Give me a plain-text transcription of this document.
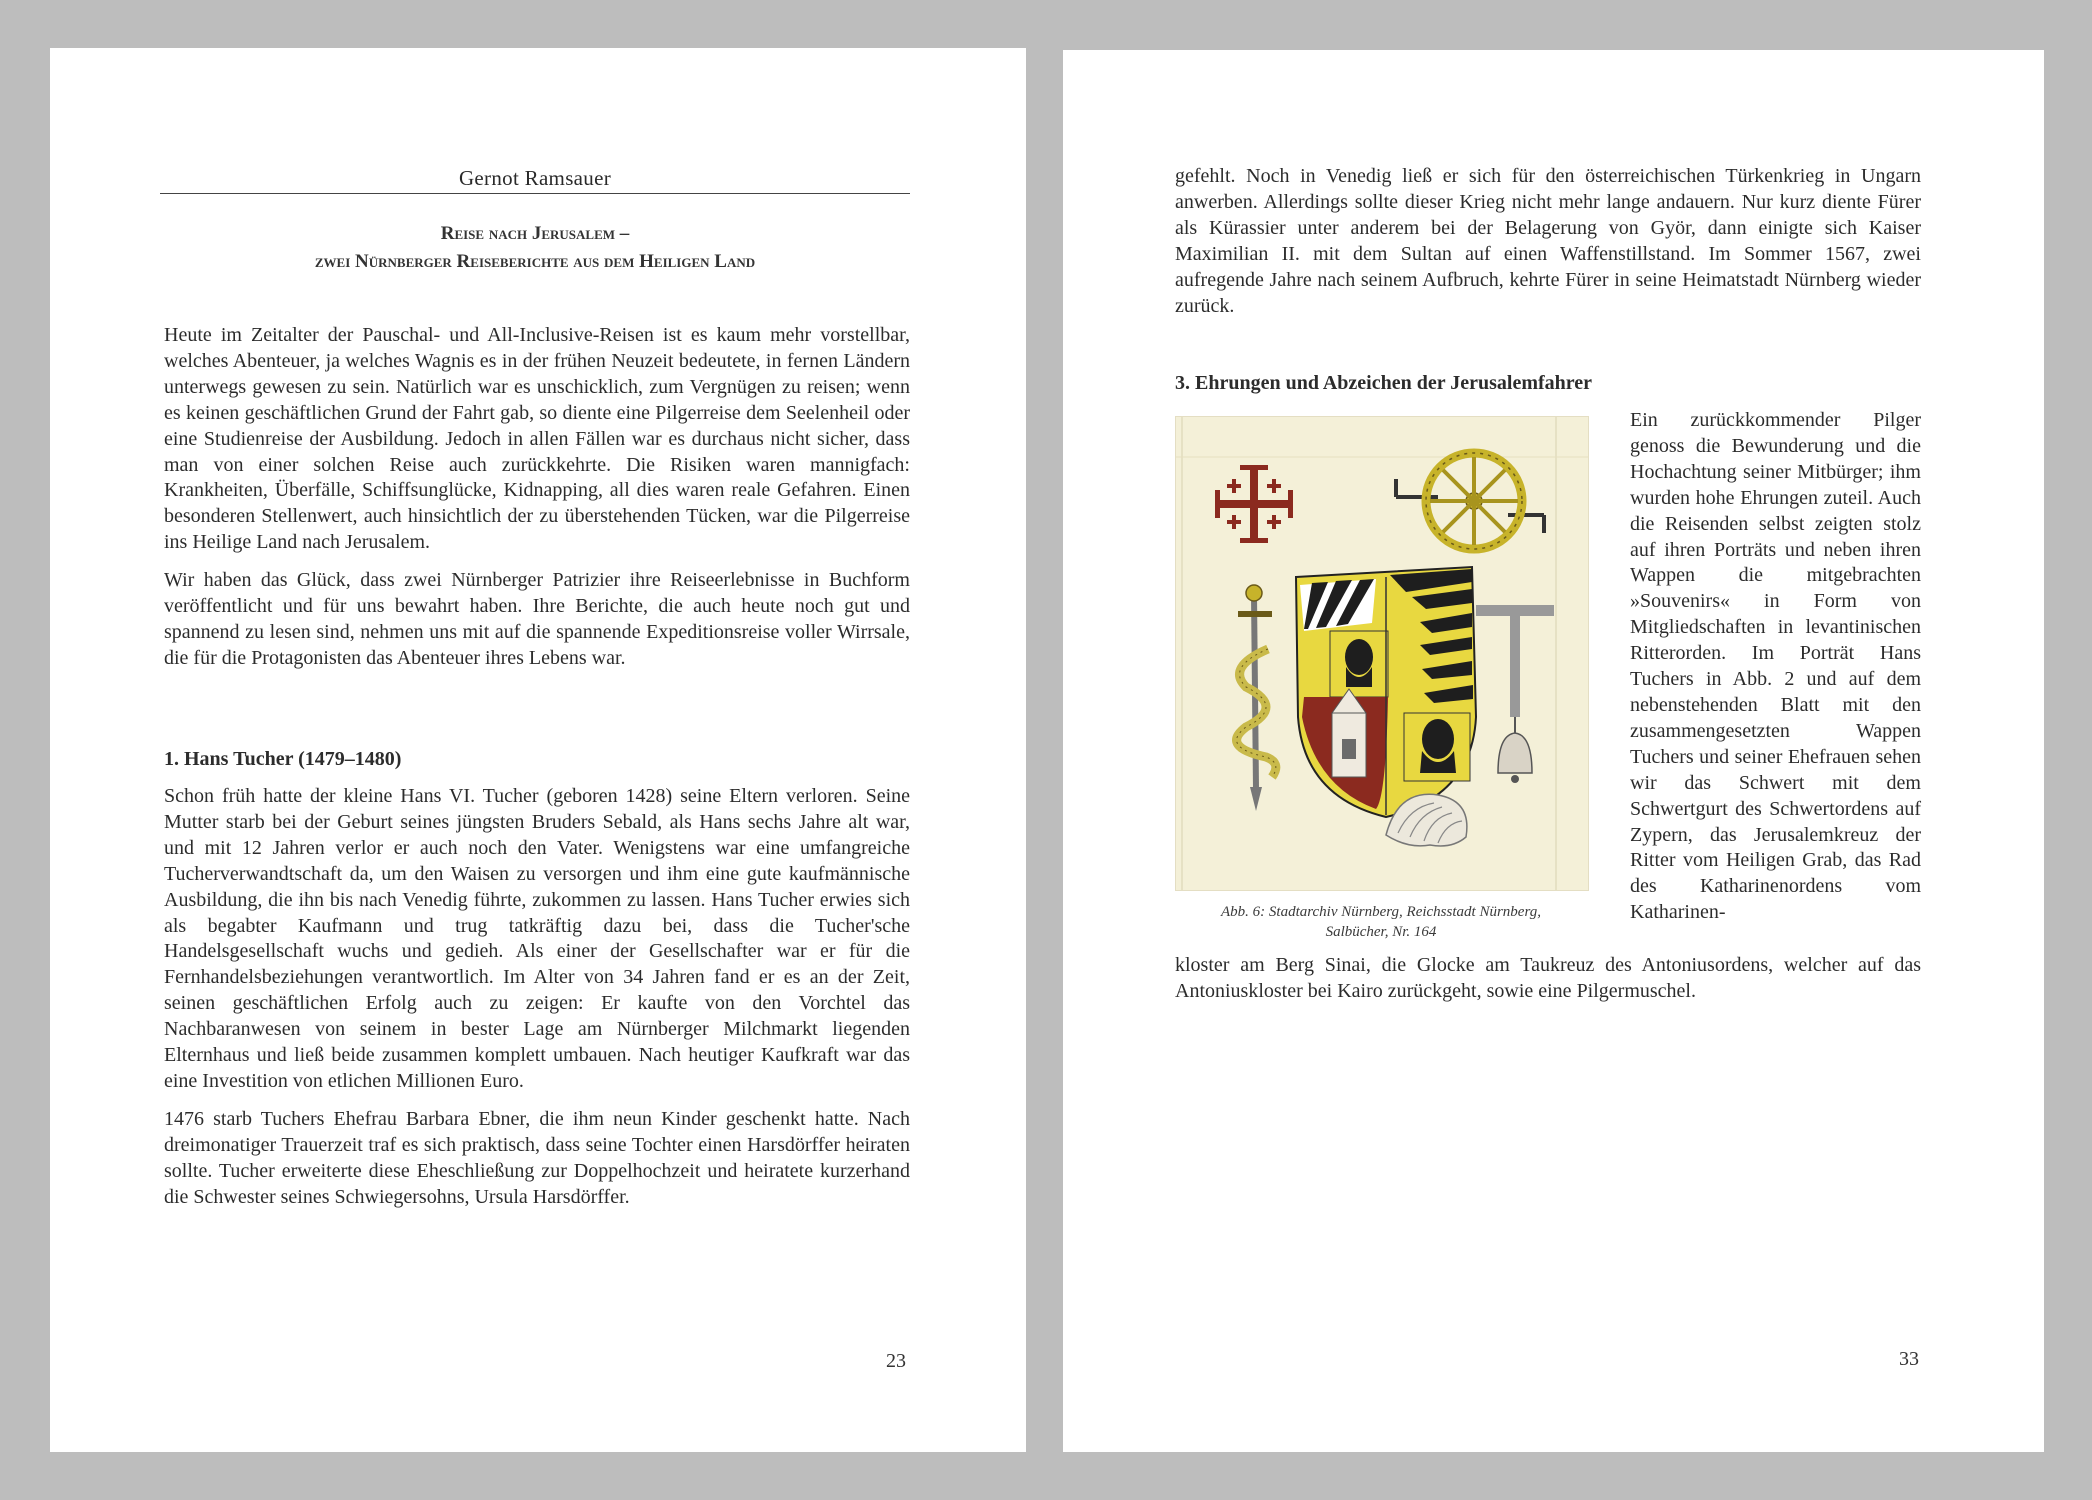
Gernot Ramsauer
Reise nach Jerusalem –
zwei Nürnberger Reiseberichte aus dem Heiligen Land

Heute im Zeitalter der Pauschal- und All-Inclusive-Reisen ist es kaum mehr vorstellbar, welches Abenteuer, ja welches Wagnis es in der frühen Neuzeit bedeutete, in fernen Ländern unterwegs gewesen zu sein. Natürlich war es unschicklich, zum Vergnügen zu reisen; wenn es keinen geschäftlichen Grund der Fahrt gab, so diente eine Pilgerreise dem Seelenheil oder eine Studienreise der Ausbildung. Jedoch in allen Fällen war es durchaus nicht sicher, dass man von einer solchen Reise auch zurückkehrte. Die Risiken waren mannigfach: Krankheiten, Überfälle, Schiffsunglücke, Kidnapping, all dies waren reale Gefahren. Einen besonderen Stellenwert, auch hinsichtlich der zu überstehenden Tücken, war die Pilgerreise ins Heilige Land nach Jerusalem.

Wir haben das Glück, dass zwei Nürnberger Patrizier ihre Reiseerlebnisse in Buchform veröffentlicht und für uns bewahrt haben. Ihre Berichte, die auch heute noch gut und spannend zu lesen sind, nehmen uns mit auf die spannende Expeditionsreise voller Wirrsale, die für die Protagonisten das Abenteuer ihres Lebens war.

1. Hans Tucher (1479–1480)

Schon früh hatte der kleine Hans VI. Tucher (geboren 1428) seine Eltern verloren. Seine Mutter starb bei der Geburt seines jüngsten Bruders Sebald, als Hans sechs Jahre alt war, und mit 12 Jahren verlor er auch noch den Vater. Wenigstens war eine umfangreiche Tucherverwandtschaft da, um den Waisen zu versorgen und ihm eine gute kaufmännische Ausbildung, die ihn bis nach Venedig führte, zukommen zu lassen. Hans Tucher erwies sich als begabter Kaufmann und trug tatkräftig dazu bei, dass die Tucher'sche Handelsgesellschaft wuchs und gedieh. Als einer der Gesellschafter war er für die Fernhandelsbeziehungen verantwortlich. Im Alter von 34 Jahren fand er es an der Zeit, seinen geschäftlichen Erfolg auch zu zeigen: Er kaufte von den Vorchtel das Nachbaranwesen von seinem in bester Lage am Nürnberger Milchmarkt liegenden Elternhaus und ließ beide zusammen komplett umbauen. Nach heutiger Kaufkraft war das eine Investition von etlichen Millionen Euro.

1476 starb Tuchers Ehefrau Barbara Ebner, die ihm neun Kinder geschenkt hatte. Nach dreimonatiger Trauerzeit traf es sich praktisch, dass seine Tochter einen Harsdörffer heiraten sollte. Tucher erweiterte diese Eheschließung zur Doppelhochzeit und heiratete kurzerhand die Schwester seines Schwiegersohns, Ursula Harsdörffer.

23

gefehlt. Noch in Venedig ließ er sich für den österreichischen Türkenkrieg in Ungarn anwerben. Allerdings sollte dieser Krieg nicht mehr lange andauern. Nur kurz diente Fürer als Kürassier unter anderem bei der Belagerung von Györ, dann einigte sich Kaiser Maximilian II. mit dem Sultan auf einen Waffenstillstand. Im Sommer 1567, zwei aufregende Jahre nach seinem Aufbruch, kehrte Fürer in seine Heimatstadt Nürnberg wieder zurück.

3. Ehrungen und Abzeichen der Jerusalemfahrer
Abb. 6: Stadtarchiv Nürnberg, Reichsstadt Nürnberg,
Salbücher, Nr. 164

Ein zurückkommender Pilger genoss die Bewunderung und die Hochachtung seiner Mitbürger; ihm wurden hohe Ehrungen zuteil. Auch die Reisenden selbst zeigten stolz auf ihren Porträts und neben ihren Wappen die mitgebrachten »Souvenirs« in Form von Mitgliedschaften in levantinischen Ritterorden. Im Porträt Hans Tuchers in Abb. 2 und auf dem nebenstehenden Blatt mit den zusammengesetzten Wappen Tuchers und seiner Ehefrauen sehen wir das Schwert mit dem Schwertgurt des Schwertordens auf Zypern, das Jerusalemkreuz der Ritter vom Heiligen Grab, das Rad des Katharinenordens vom Katharinen-

kloster am Berg Sinai, die Glocke am Taukreuz des Antoniusordens, welcher auf das Antoniuskloster bei Kairo zurückgeht, sowie eine Pilgermuschel.

33
